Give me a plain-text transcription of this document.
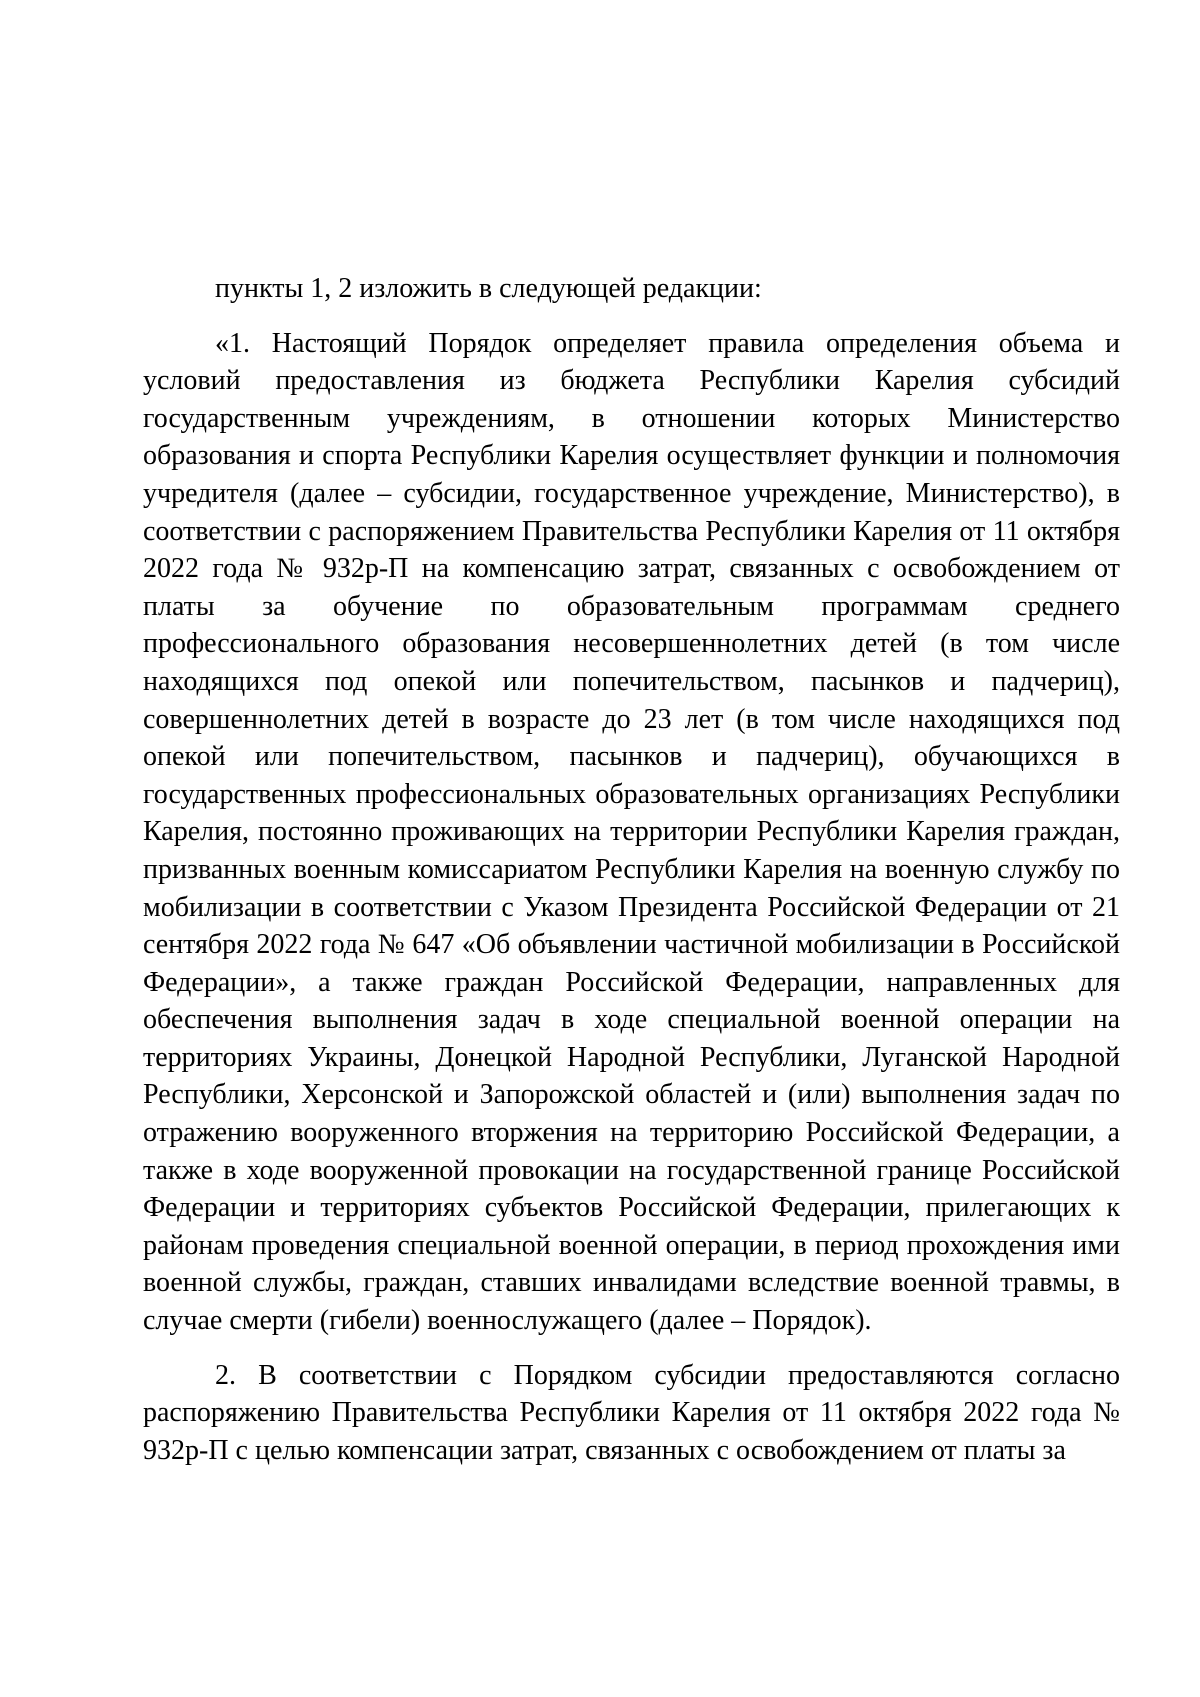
пункты 1, 2 изложить в следующей редакции:

«1. Настоящий Порядок определяет правила определения объема и условий предоставления из бюджета Республики Карелия субсидий государственным учреждениям, в отношении которых Министерство образования и спорта Республики Карелия осуществляет функции и полномочия учредителя (далее – субсидии, государственное учреждение, Министерство), в соответствии с распоряжением Правительства Республики Карелия от 11 октября 2022 года № 932р-П на компенсацию затрат, связанных с освобождением от платы за обучение по образовательным программам среднего профессионального образования несовершеннолетних детей (в том числе находящихся под опекой или попечительством, пасынков и падчериц), совершеннолетних детей в возрасте до 23 лет (в том числе находящихся под опекой или попечительством, пасынков и падчериц), обучающихся в государственных профессиональных образовательных организациях Республики Карелия, постоянно проживающих на территории Республики Карелия граждан, призванных военным комиссариатом Республики Карелия на военную службу по мобилизации в соответствии с Указом Президента Российской Федерации от 21 сентября 2022 года № 647 «Об объявлении частичной мобилизации в Российской Федерации», а также граждан Российской Федерации, направленных для обеспечения выполнения задач в ходе специальной военной операции на территориях Украины, Донецкой Народной Республики, Луганской Народной Республики, Херсонской и Запорожской областей и (или) выполнения задач по отражению вооруженного вторжения на территорию Российской Федерации, а также в ходе вооруженной провокации на государственной границе Российской Федерации и территориях субъектов Российской Федерации, прилегающих к районам проведения специальной военной операции, в период прохождения ими военной службы, граждан, ставших инвалидами вследствие военной травмы, в случае смерти (гибели) военнослужащего (далее – Порядок).

2. В соответствии с Порядком субсидии предоставляются согласно распоряжению Правительства Республики Карелия от 11 октября 2022 года № 932р-П с целью компенсации затрат, связанных с освобождением от платы за
